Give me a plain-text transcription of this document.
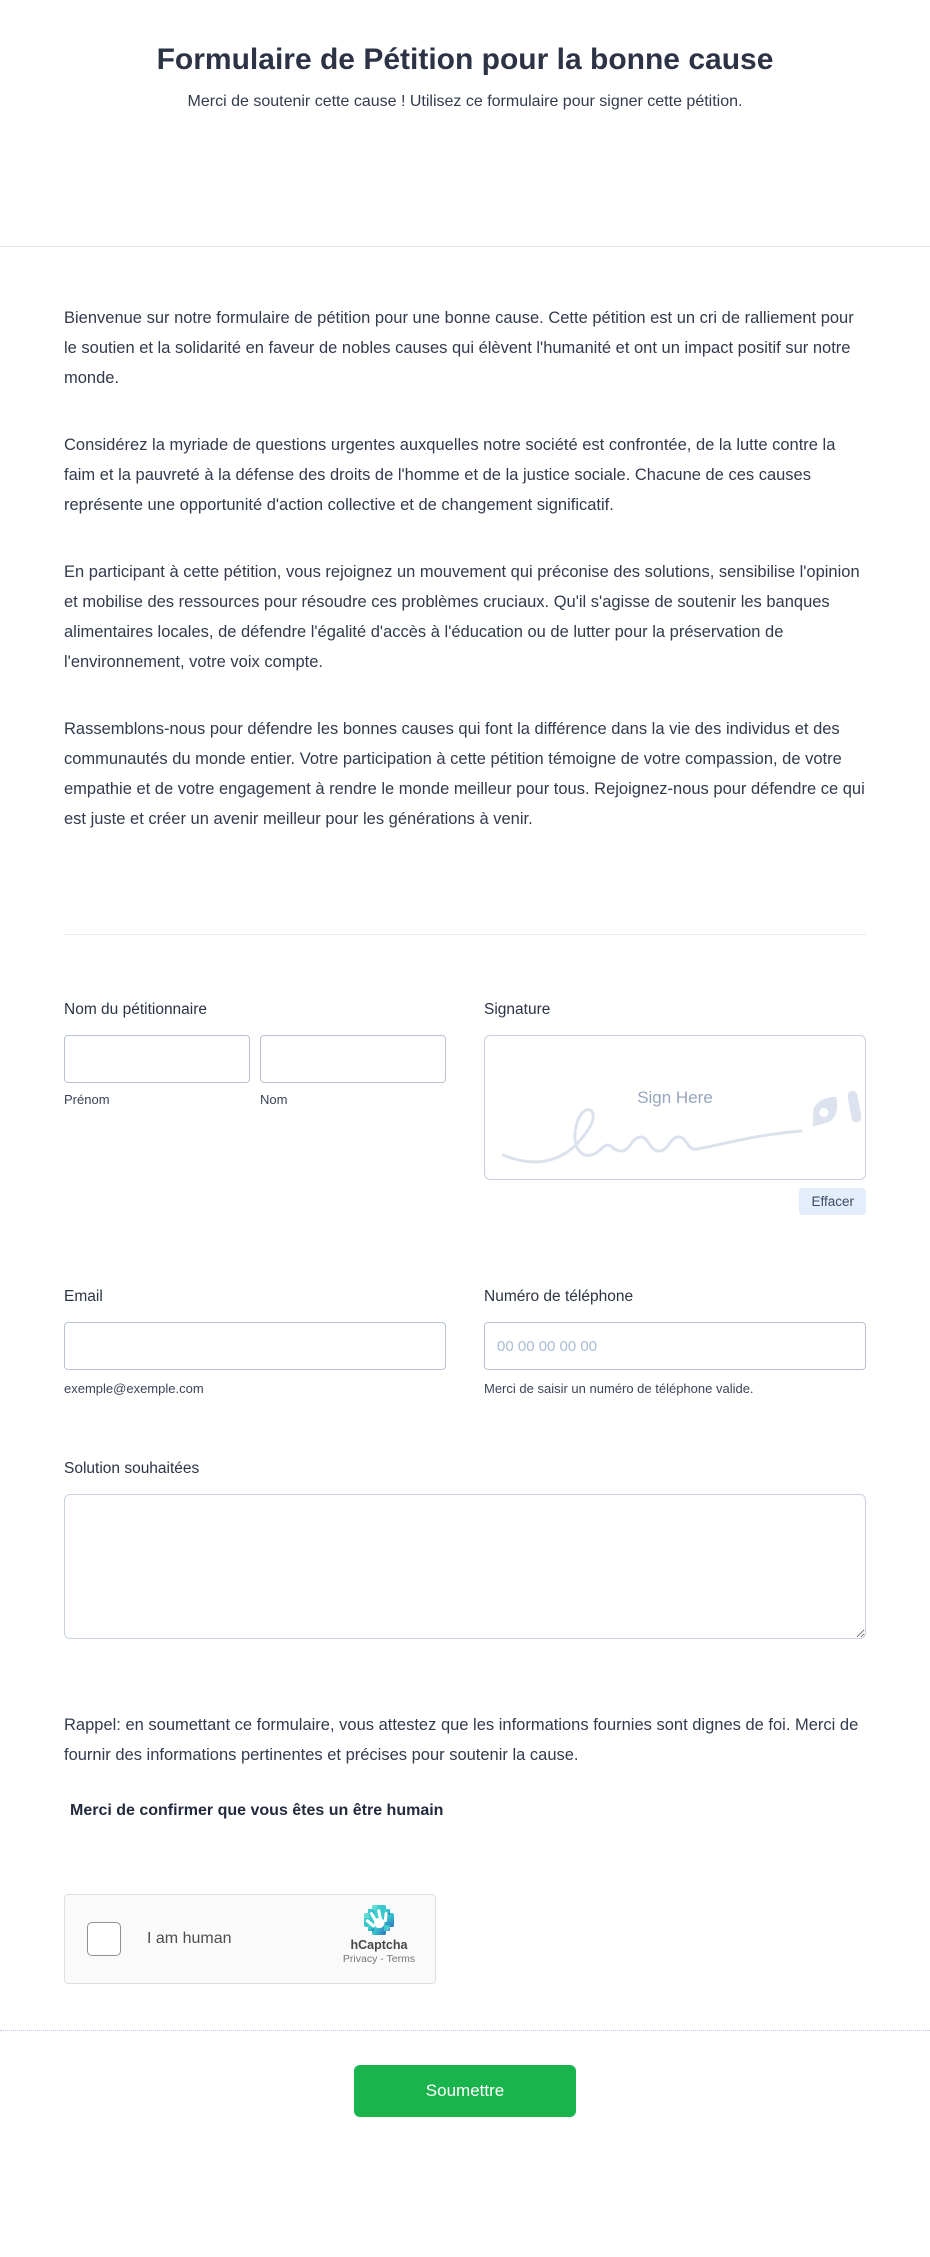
Formulaire de Pétition pour la bonne cause

Merci de soutenir cette cause ! Utilisez ce formulaire pour signer cette pétition.

Bienvenue sur notre formulaire de pétition pour une bonne cause. Cette pétition est un cri de ralliement pour le soutien et la solidarité en faveur de nobles causes qui élèvent l'humanité et ont un impact positif sur notre monde.

Considérez la myriade de questions urgentes auxquelles notre société est confrontée, de la lutte contre la faim et la pauvreté à la défense des droits de l'homme et de la justice sociale. Chacune de ces causes représente une opportunité d'action collective et de changement significatif.

En participant à cette pétition, vous rejoignez un mouvement qui préconise des solutions, sensibilise l'opinion et mobilise des ressources pour résoudre ces problèmes cruciaux. Qu'il s'agisse de soutenir les banques alimentaires locales, de défendre l'égalité d'accès à l'éducation ou de lutter pour la préservation de l'environnement, votre voix compte.

Rassemblons-nous pour défendre les bonnes causes qui font la différence dans la vie des individus et des communautés du monde entier. Votre participation à cette pétition témoigne de votre compassion, de votre empathie et de votre engagement à rendre le monde meilleur pour tous. Rejoignez-nous pour défendre ce qui est juste et créer un avenir meilleur pour les générations à venir.

Nom du pétitionnaire
Prénom	Nom
Signature
Sign Here
Effacer
Email
exemple@exemple.com
Numéro de téléphone
00 00 00 00 00
Merci de saisir un numéro de téléphone valide.
Solution souhaitées

Rappel: en soumettant ce formulaire, vous attestez que les informations fournies sont dignes de foi. Merci de fournir des informations pertinentes et précises pour soutenir la cause.

Merci de confirmer que vous êtes un être humain
I am human	hCaptcha
Privacy - Terms
Soumettre
